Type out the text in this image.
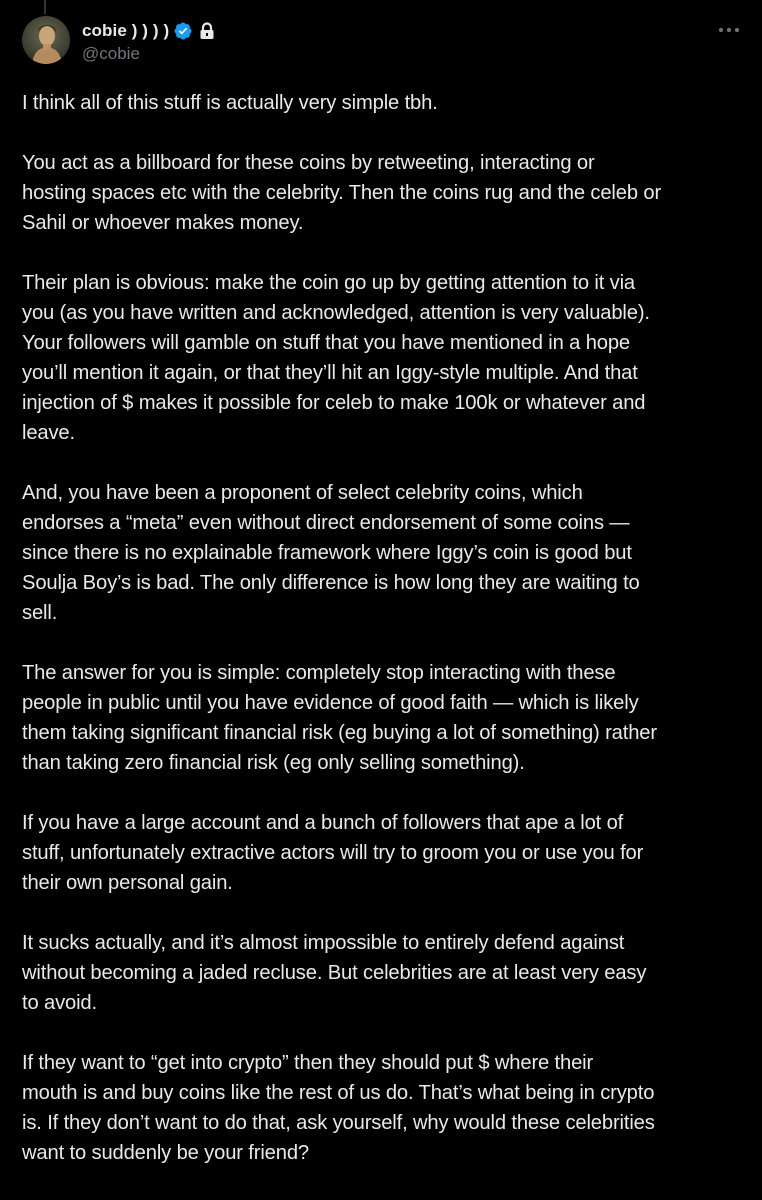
cobie ) ) ) )
@cobie

I think all of this stuff is actually very simple tbh.

You act as a billboard for these coins by retweeting, interacting or
hosting spaces etc with the celebrity. Then the coins rug and the celeb or
Sahil or whoever makes money.

Their plan is obvious: make the coin go up by getting attention to it via
you (as you have written and acknowledged, attention is very valuable).
Your followers will gamble on stuff that you have mentioned in a hope
you’ll mention it again, or that they’ll hit an Iggy-style multiple. And that
injection of $ makes it possible for celeb to make 100k or whatever and
leave.

And, you have been a proponent of select celebrity coins, which
endorses a “meta” even without direct endorsement of some coins —
since there is no explainable framework where Iggy’s coin is good but
Soulja Boy’s is bad. The only difference is how long they are waiting to
sell.

The answer for you is simple: completely stop interacting with these
people in public until you have evidence of good faith — which is likely
them taking significant financial risk (eg buying a lot of something) rather
than taking zero financial risk (eg only selling something).

If you have a large account and a bunch of followers that ape a lot of
stuff, unfortunately extractive actors will try to groom you or use you for
their own personal gain.

It sucks actually, and it’s almost impossible to entirely defend against
without becoming a jaded recluse. But celebrities are at least very easy
to avoid.

If they want to “get into crypto” then they should put $ where their
mouth is and buy coins like the rest of us do. That’s what being in crypto
is. If they don’t want to do that, ask yourself, why would these celebrities
want to suddenly be your friend?
